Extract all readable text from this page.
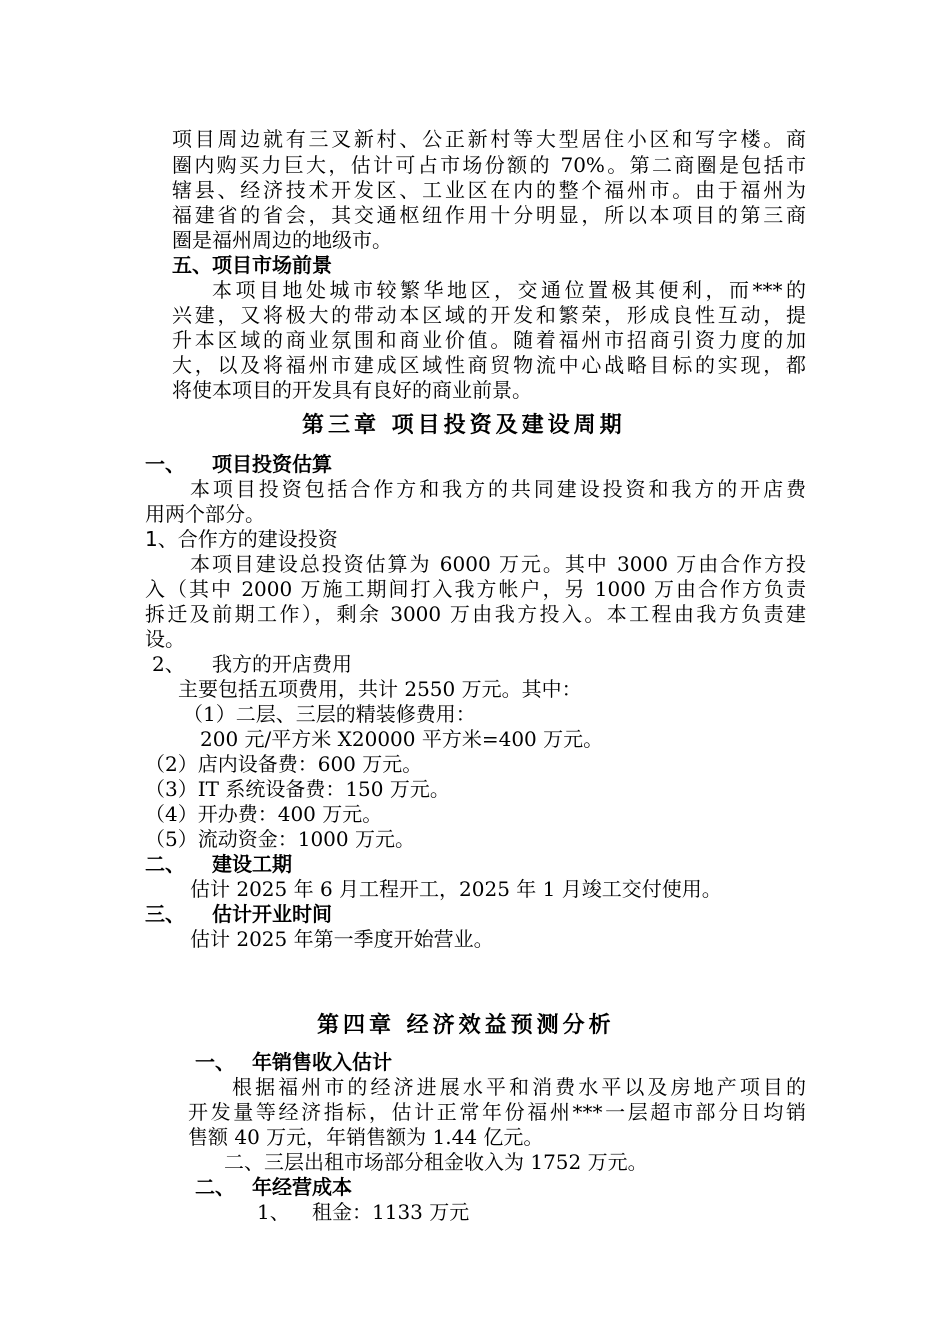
项目周边就有三叉新村、公正新村等大型居住小区和写字楼。商
圈内购买力巨大，估计可占市场份额的 70%。第二商圈是包括市
辖县、经济技术开发区、工业区在内的整个福州市。由于福州为
福建省的省会，其交通枢纽作用十分明显，所以本项目的第三商
圈是福州周边的地级市。
五、项目市场前景
本项目地处城市较繁华地区，交通位置极其便利，而***的
兴建，又将极大的带动本区域的开发和繁荣，形成良性互动，提
升本区域的商业氛围和商业价值。随着福州市招商引资力度的加
大，以及将福州市建成区域性商贸物流中心战略目标的实现，都
将使本项目的开发具有良好的商业前景。
第三章 项目投资及建设周期
一、 项目投资估算
本项目投资包括合作方和我方的共同建设投资和我方的开店费
用两个部分。
1、合作方的建设投资
本项目建设总投资估算为 6000 万元。其中 3000 万由合作方投
入（其中 2000 万施工期间打入我方帐户，另 1000 万由合作方负责
拆迁及前期工作），剩余 3000 万由我方投入。本工程由我方负责建
设。
2、 我方的开店费用
主要包括五项费用，共计 2550 万元。其中：
（1）二层、三层的精装修费用：
200 元/平方米 X20000 平方米=400 万元。
（2）店内设备费：600 万元。
（3）IT 系统设备费：150 万元。
（4）开办费：400 万元。
（5）流动资金：1000 万元。
二、 建设工期
估计 2025 年 6 月工程开工，2025 年 1 月竣工交付使用。
三、 估计开业时间
估计 2025 年第一季度开始营业。
第四章 经济效益预测分析
一、 年销售收入估计
根据福州市的经济进展水平和消费水平以及房地产项目的
开发量等经济指标，估计正常年份福州***一层超市部分日均销
售额 40 万元，年销售额为 1.44 亿元。
二、三层出租市场部分租金收入为 1752 万元。
二、 年经营成本
1、 租金：1133 万元
